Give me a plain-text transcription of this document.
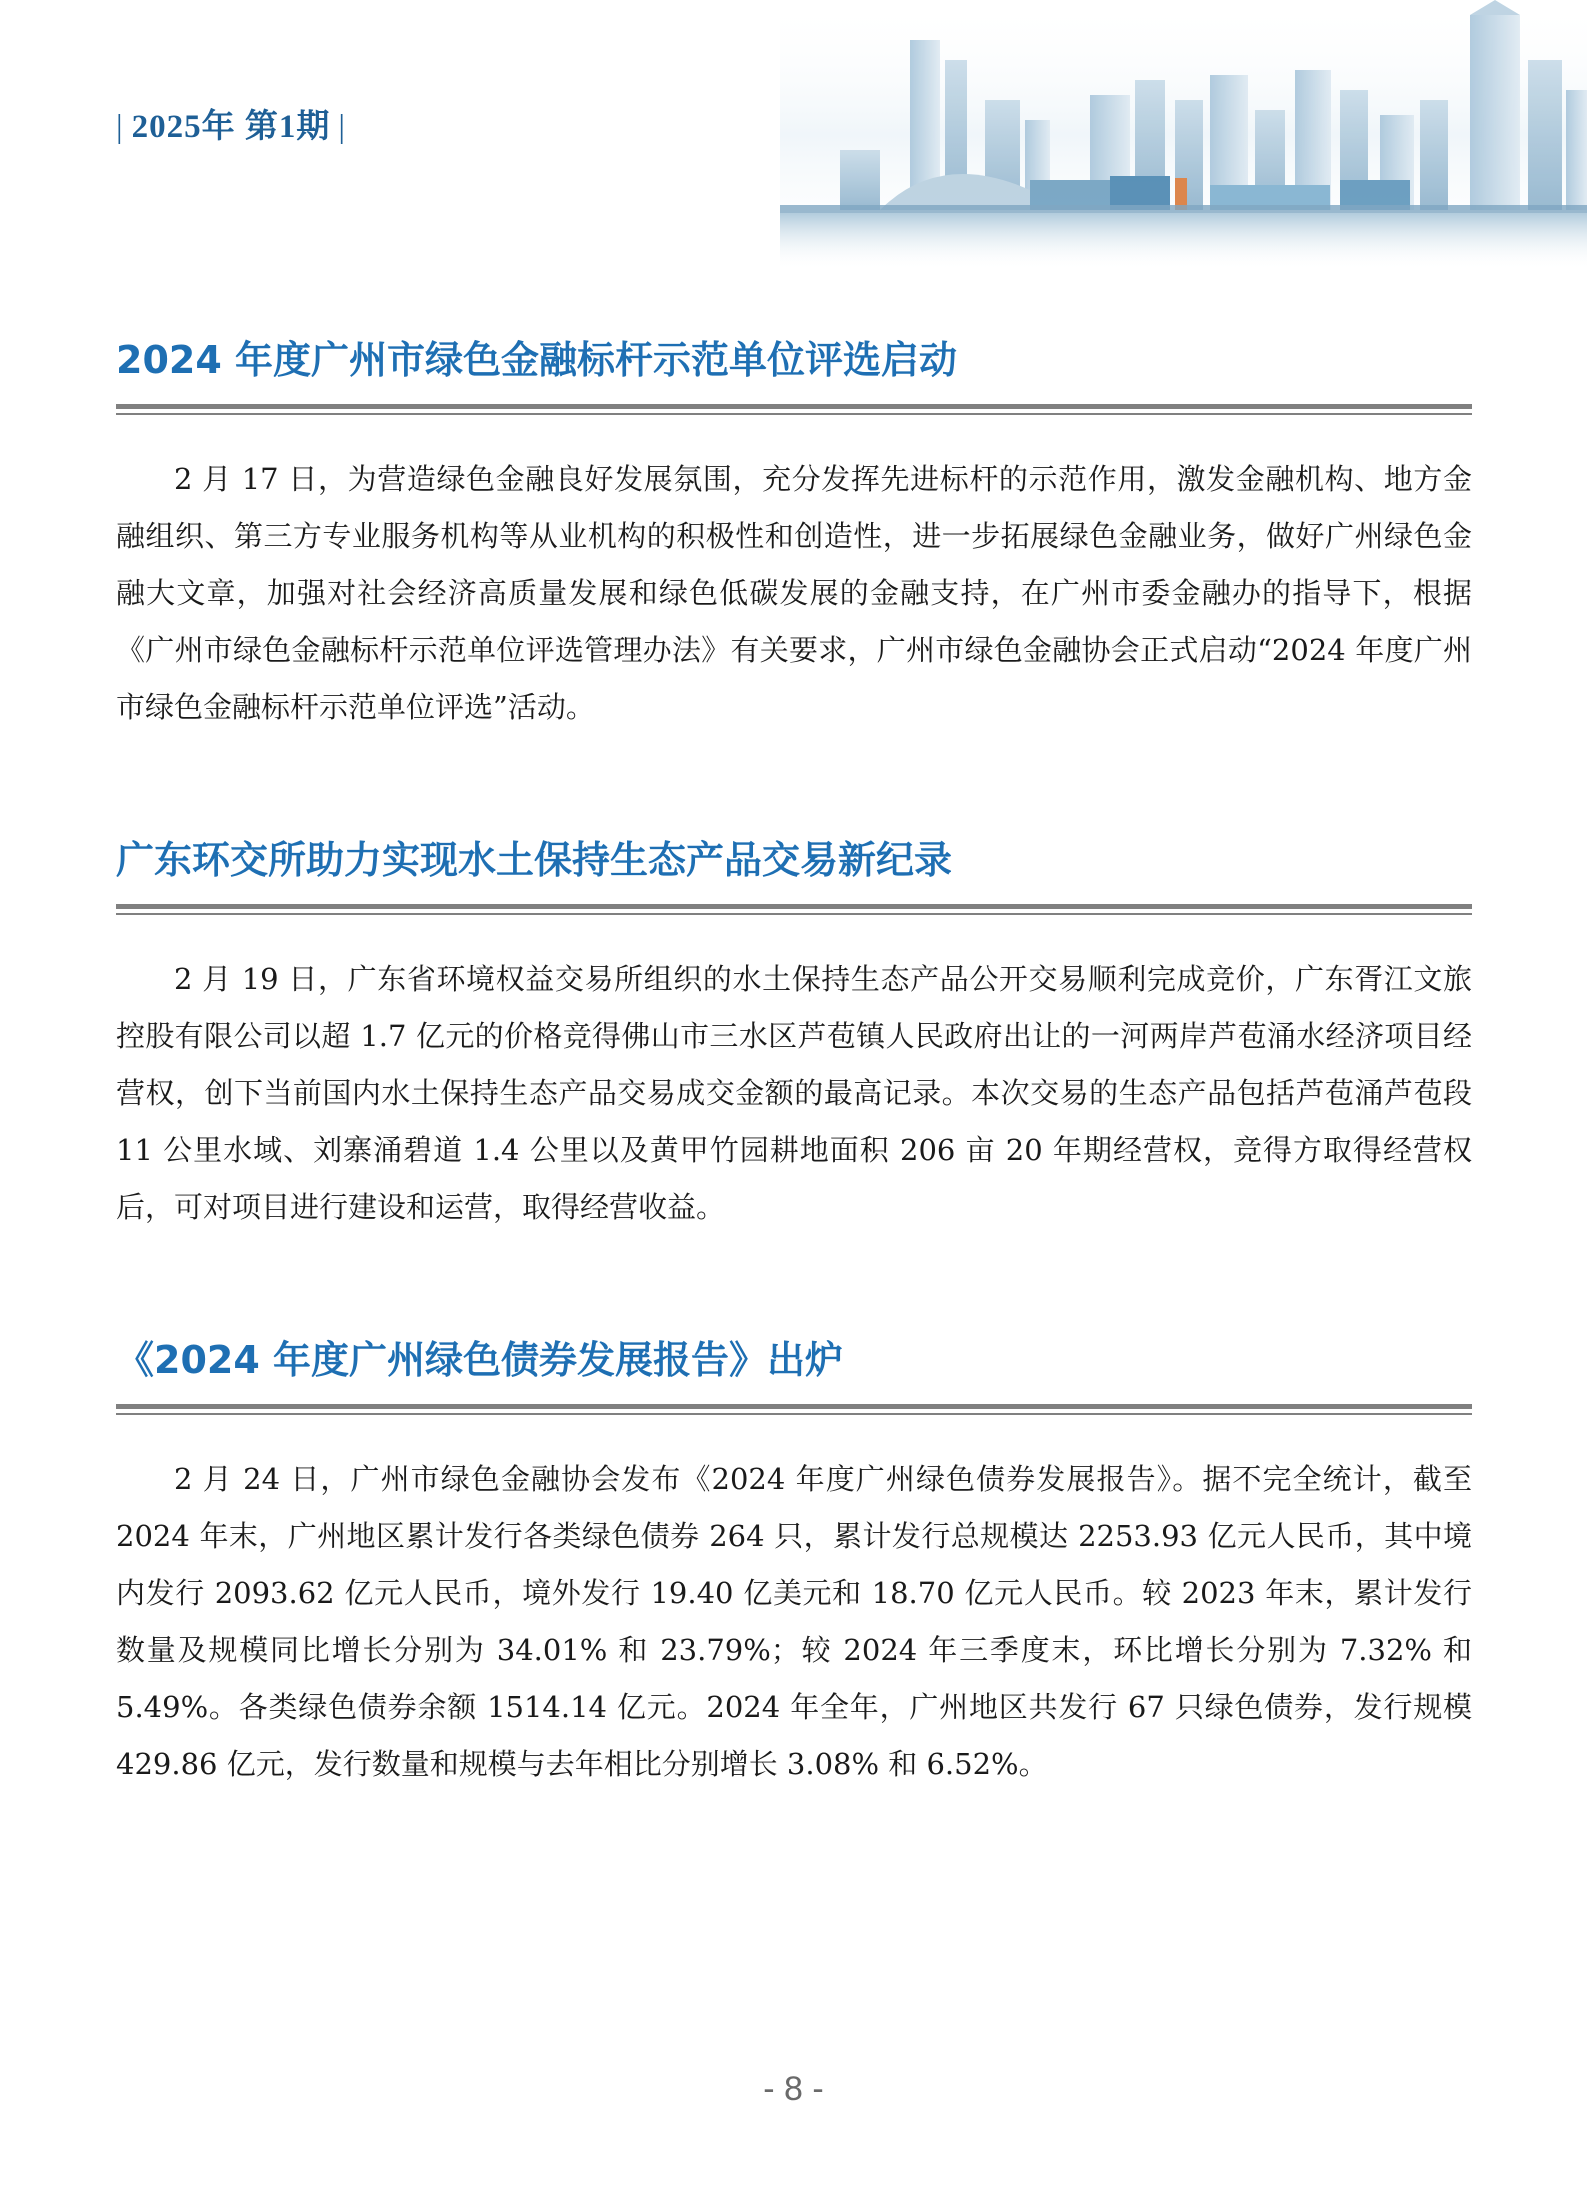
| 2025年 第1期 |
2024 年度广州市绿色金融标杆示范单位评选启动

2 月 17 日，为营造绿色金融良好发展氛围，充分发挥先进标杆的示范作用，激发金融机构、地方金融组织、第三方专业服务机构等从业机构的积极性和创造性，进一步拓展绿色金融业务，做好广州绿色金融大文章，加强对社会经济高质量发展和绿色低碳发展的金融支持，在广州市委金融办的指导下，根据《广州市绿色金融标杆示范单位评选管理办法》有关要求，广州市绿色金融协会正式启动“2024 年度广州市绿色金融标杆示范单位评选”活动。

广东环交所助力实现水土保持生态产品交易新纪录

2 月 19 日，广东省环境权益交易所组织的水土保持生态产品公开交易顺利完成竞价，广东胥江文旅控股有限公司以超 1.7 亿元的价格竞得佛山市三水区芦苞镇人民政府出让的一河两岸芦苞涌水经济项目经营权，创下当前国内水土保持生态产品交易成交金额的最高记录。本次交易的生态产品包括芦苞涌芦苞段 11 公里水域、刘寨涌碧道 1.4 公里以及黄甲竹园耕地面积 206 亩 20 年期经营权，竞得方取得经营权后，可对项目进行建设和运营，取得经营收益。

《2024 年度广州绿色债券发展报告》出炉

2 月 24 日，广州市绿色金融协会发布《2024 年度广州绿色债券发展报告》。据不完全统计，截至 2024 年末，广州地区累计发行各类绿色债券 264 只，累计发行总规模达 2253.93 亿元人民币，其中境内发行 2093.62 亿元人民币，境外发行 19.40 亿美元和 18.70 亿元人民币。较 2023 年末，累计发行数量及规模同比增长分别为 34.01% 和 23.79%；较 2024 年三季度末，环比增长分别为 7.32% 和 5.49%。各类绿色债券余额 1514.14 亿元。2024 年全年，广州地区共发行 67 只绿色债券，发行规模 429.86 亿元，发行数量和规模与去年相比分别增长 3.08% 和 6.52%。

- 8 -
